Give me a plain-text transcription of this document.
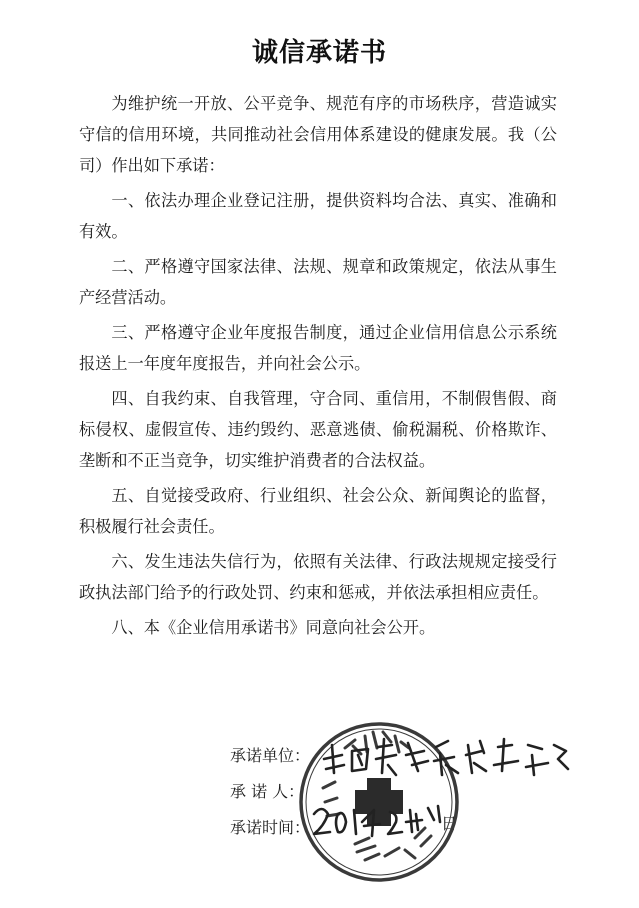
诚信承诺书

为维护统一开放、公平竞争、规范有序的市场秩序，营造诚实守信的信用环境，共同推动社会信用体系建设的健康发展。我（公司）作出如下承诺：

一、依法办理企业登记注册，提供资料均合法、真实、准确和有效。

二、严格遵守国家法律、法规、规章和政策规定，依法从事生产经营活动。

三、严格遵守企业年度报告制度，通过企业信用信息公示系统报送上一年度年度报告，并向社会公示。

四、自我约束、自我管理，守合同、重信用，不制假售假、商标侵权、虚假宣传、违约毁约、恶意逃债、偷税漏税、价格欺诈、垄断和不正当竞争，切实维护消费者的合法权益。

五、自觉接受政府、行业组织、社会公众、新闻舆论的监督，积极履行社会责任。

六、发生违法失信行为，依照有关法律、行政法规规定接受行政执法部门给予的行政处罚、约束和惩戒，并依法承担相应责任。

八、本《企业信用承诺书》同意向社会公开。

承诺单位：
承 诺 人：
承诺时间：	日
